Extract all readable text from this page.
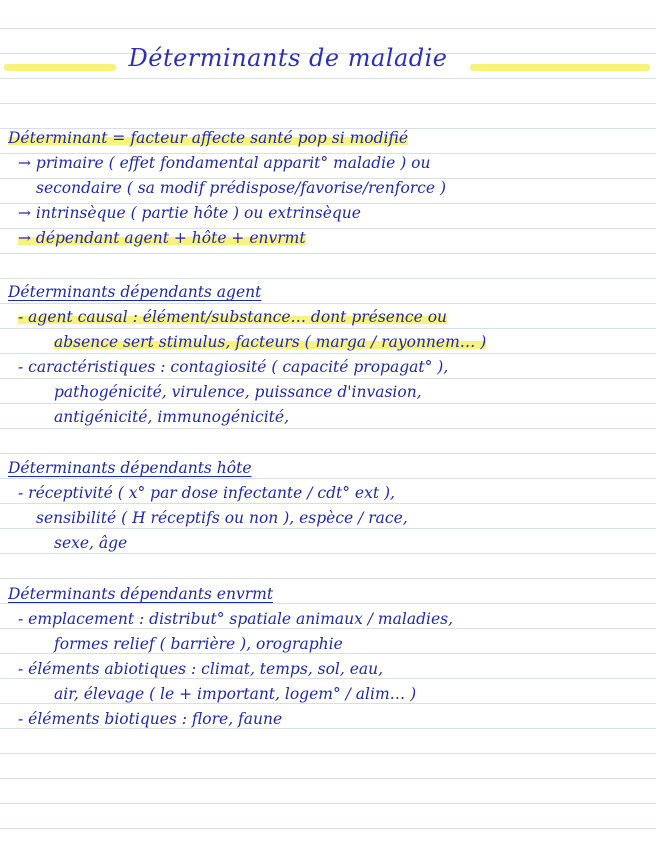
Déterminants de maladie
Déterminant = facteur affecte santé pop si modifié
→ primaire ( effet fondamental apparit° maladie ) ou
secondaire ( sa modif prédispose/favorise/renforce )
→ intrinsèque ( partie hôte ) ou extrinsèque
→ dépendant agent + hôte + envrmt
Déterminants dépendants agent
- agent causal : élément/substance… dont présence ou
absence sert stimulus, facteurs ( marga / rayonnem… )
- caractéristiques : contagiosité ( capacité propagat° ),
pathogénicité, virulence, puissance d'invasion,
antigénicité, immunogénicité,
Déterminants dépendants hôte
- réceptivité ( x° par dose infectante / cdt° ext ),
sensibilité ( H réceptifs ou non ), espèce / race,
sexe, âge
Déterminants dépendants envrmt
- emplacement : distribut° spatiale animaux / maladies,
formes relief ( barrière ), orographie
- éléments abiotiques : climat, temps, sol, eau,
air, élevage ( le + important, logem° / alim… )
- éléments biotiques : flore, faune
